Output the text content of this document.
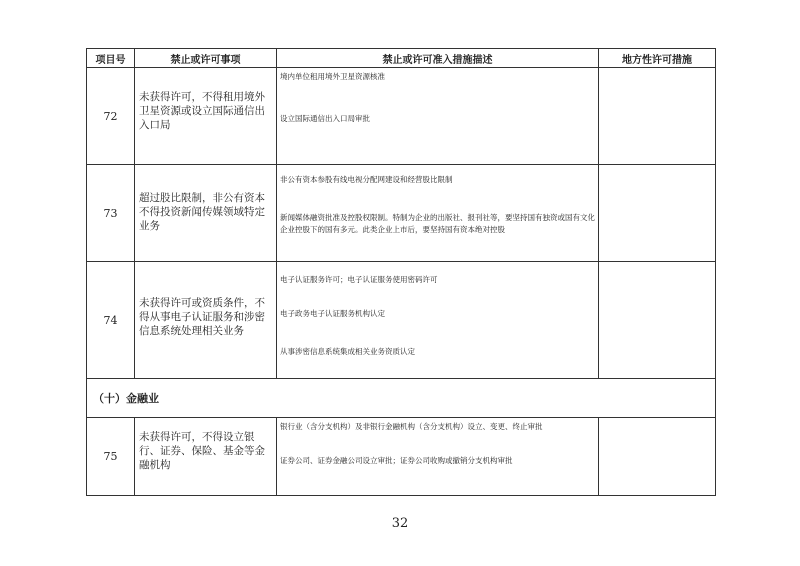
项目号	禁止或许可事项	禁止或许可准入措施描述	地方性许可措施
72	未获得许可，不得租用境外卫星资源或设立国际通信出入口局	境内单位租用境外卫星资源核准
设立国际通信出入口局审批	

73	超过股比限制，非公有资本不得投资新闻传媒领域特定业务	非公有资本参股有线电视分配网建设和经营股比限制
新闻媒体融资批准及控股权限制。特制为企业的出版社、报刊社等，要坚持国有独资或国有文化企业控股下的国有多元。此类企业上市后，要坚持国有资本绝对控股	

74	未获得许可或资质条件，不得从事电子认证服务和涉密信息系统处理相关业务	电子认证服务许可；电子认证服务使用密码许可
电子政务电子认证服务机构认定
从事涉密信息系统集成相关业务资质认定	

（十）金融业			
75	未获得许可，不得设立银行、证券、保险、基金等金融机构	银行业（含分支机构）及非银行金融机构（含分支机构）设立、变更、终止审批
证券公司、证券金融公司设立审批；证券公司收购或撤销分支机构审批	

32
